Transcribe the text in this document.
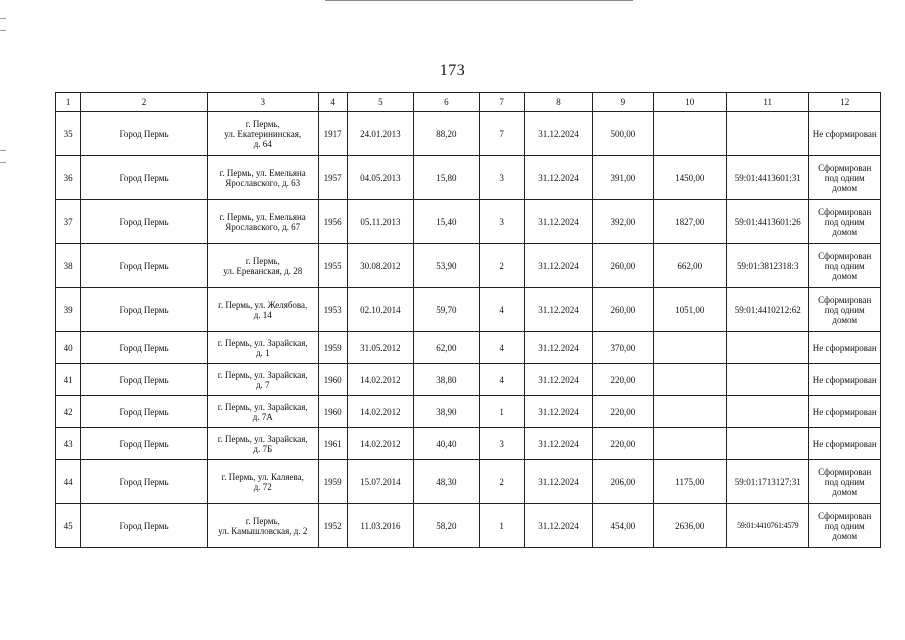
173
1	2	3	4	5	6	7	8	9	10	11	12
35	Город Пермь	г. Пермь,
ул. Екатерининская,
д. 64	1917	24.01.2013	88,20	7	31.12.2024	500,00			Не сформирован
36	Город Пермь	г. Пермь, ул. Емельяна
Ярославского, д. 63	1957	04.05.2013	15,80	3	31.12.2024	391,00	1450,00	59:01:4413601:31	Сформирован
под одним
домом
37	Город Пермь	г. Пермь, ул. Емельяна
Ярославского, д. 67	1956	05.11.2013	15,40	3	31.12.2024	392,00	1827,00	59:01:4413601:26	Сформирован
под одним
домом
38	Город Пермь	г. Пермь,
ул. Ереванская, д. 28	1955	30.08.2012	53,90	2	31.12.2024	260,00	662,00	59:01:3812318:3	Сформирован
под одним
домом
39	Город Пермь	г. Пермь, ул. Желябова,
д. 14	1953	02.10.2014	59,70	4	31.12.2024	260,00	1051,00	59:01:4410212:62	Сформирован
под одним
домом
40	Город Пермь	г. Пермь, ул. Зарайская,
д. 1	1959	31.05.2012	62,00	4	31.12.2024	370,00			Не сформирован
41	Город Пермь	г. Пермь, ул. Зарайская,
д. 7	1960	14.02.2012	38,80	4	31.12.2024	220,00			Не сформирован
42	Город Пермь	г. Пермь, ул. Зарайская,
д. 7А	1960	14.02.2012	38,90	1	31.12.2024	220,00			Не сформирован
43	Город Пермь	г. Пермь, ул. Зарайская,
д. 7Б	1961	14.02.2012	40,40	3	31.12.2024	220,00			Не сформирован
44	Город Пермь	г. Пермь, ул. Каляева,
д. 72	1959	15.07.2014	48,30	2	31.12.2024	206,00	1175,00	59:01:1713127:31	Сформирован
под одним
домом
45	Город Пермь	г. Пермь,
ул. Камышловская, д. 2	1952	11.03.2016	58,20	1	31.12.2024	454,00	2636,00	59:01:4410761:4579	Сформирован
под одним
домом
